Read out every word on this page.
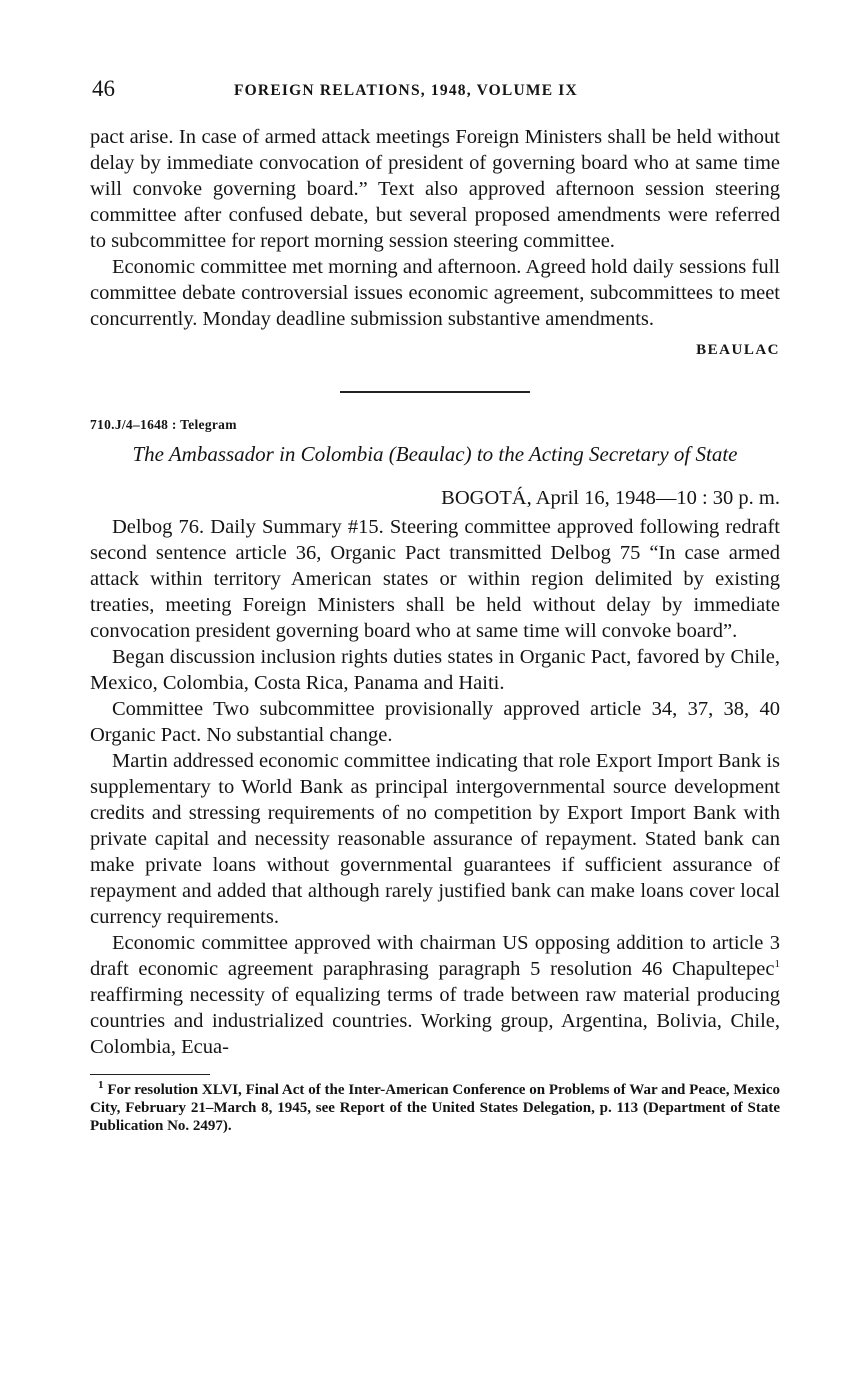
46	FOREIGN RELATIONS, 1948, VOLUME IX

pact arise. In case of armed attack meetings Foreign Ministers shall be held without delay by immediate convocation of president of governing board who at same time will convoke governing board.” Text also approved afternoon session steering committee after confused debate, but several proposed amendments were referred to subcommittee for report morning session steering committee.

Economic committee met morning and afternoon. Agreed hold daily sessions full committee debate controversial issues economic agreement, subcommittees to meet concurrently. Monday deadline submission substantive amendments.

BEAULAC
710.J/4–1648 : Telegram
The Ambassador in Colombia (Beaulac) to the Acting Secretary of State
BOGOTÁ, April 16, 1948—10 : 30 p. m.

Delbog 76. Daily Summary #15. Steering committee approved following redraft second sentence article 36, Organic Pact transmitted Delbog 75 “In case armed attack within territory American states or within region delimited by existing treaties, meeting Foreign Ministers shall be held without delay by immediate convocation president governing board who at same time will convoke board”.

Began discussion inclusion rights duties states in Organic Pact, favored by Chile, Mexico, Colombia, Costa Rica, Panama and Haiti.

Committee Two subcommittee provisionally approved article 34, 37, 38, 40 Organic Pact. No substantial change.

Martin addressed economic committee indicating that role Export Import Bank is supplementary to World Bank as principal intergovernmental source development credits and stressing requirements of no competition by Export Import Bank with private capital and necessity reasonable assurance of repayment. Stated bank can make private loans without governmental guarantees if sufficient assurance of repayment and added that although rarely justified bank can make loans cover local currency requirements.

Economic committee approved with chairman US opposing addition to article 3 draft economic agreement paraphrasing paragraph 5 resolution 46 Chapultepec$^1$ reaffirming necessity of equalizing terms of trade between raw material producing countries and industrialized countries. Working group, Argentina, Bolivia, Chile, Colombia, Ecua-

$^1$ For resolution XLVI, Final Act of the Inter-American Conference on Problems of War and Peace, Mexico City, February 21–March 8, 1945, see Report of the United States Delegation, p. 113 (Department of State Publication No. 2497).
